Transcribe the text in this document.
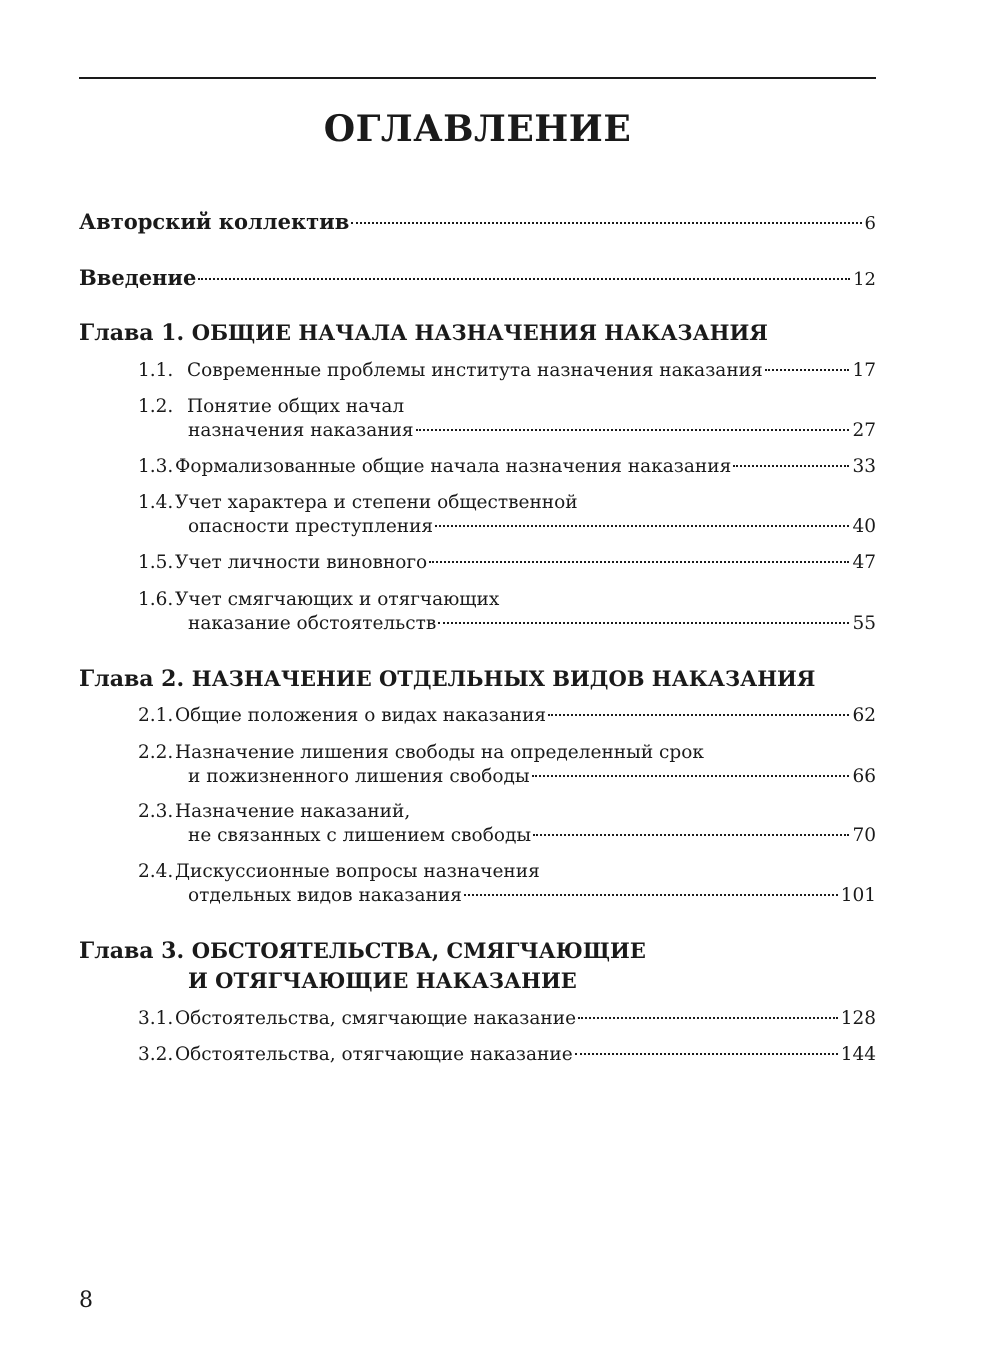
ОГЛАВЛЕНИЕ
Авторский коллектив	6
Введение	12
Глава 1. ОБЩИЕ НАЧАЛА НАЗНАЧЕНИЯ НАКАЗАНИЯ
1.1. Современные проблемы института назначения наказания	17
1.2. Понятие общих начал
назначения наказания	27
1.3.Формализованные общие начала назначения наказания	33
1.4.Учет характера и степени общественной
опасности преступления	40
1.5.Учет личности виновного	47
1.6.Учет смягчающих и отягчающих
наказание обстоятельств	55
Глава 2. НАЗНАЧЕНИЕ ОТДЕЛЬНЫХ ВИДОВ НАКАЗАНИЯ
2.1.Общие положения о видах наказания	62
2.2.Назначение лишения свободы на определенный срок
и пожизненного лишения свободы	66
2.3.Назначение наказаний,
не связанных с лишением свободы	70
2.4.Дискуссионные вопросы назначения
отдельных видов наказания	101
Глава 3. ОБСТОЯТЕЛЬСТВА, СМЯГЧАЮЩИЕ
И ОТЯГЧАЮЩИЕ НАКАЗАНИЕ
3.1.Обстоятельства, смягчающие наказание	128
3.2.Обстоятельства, отягчающие наказание	144
8
